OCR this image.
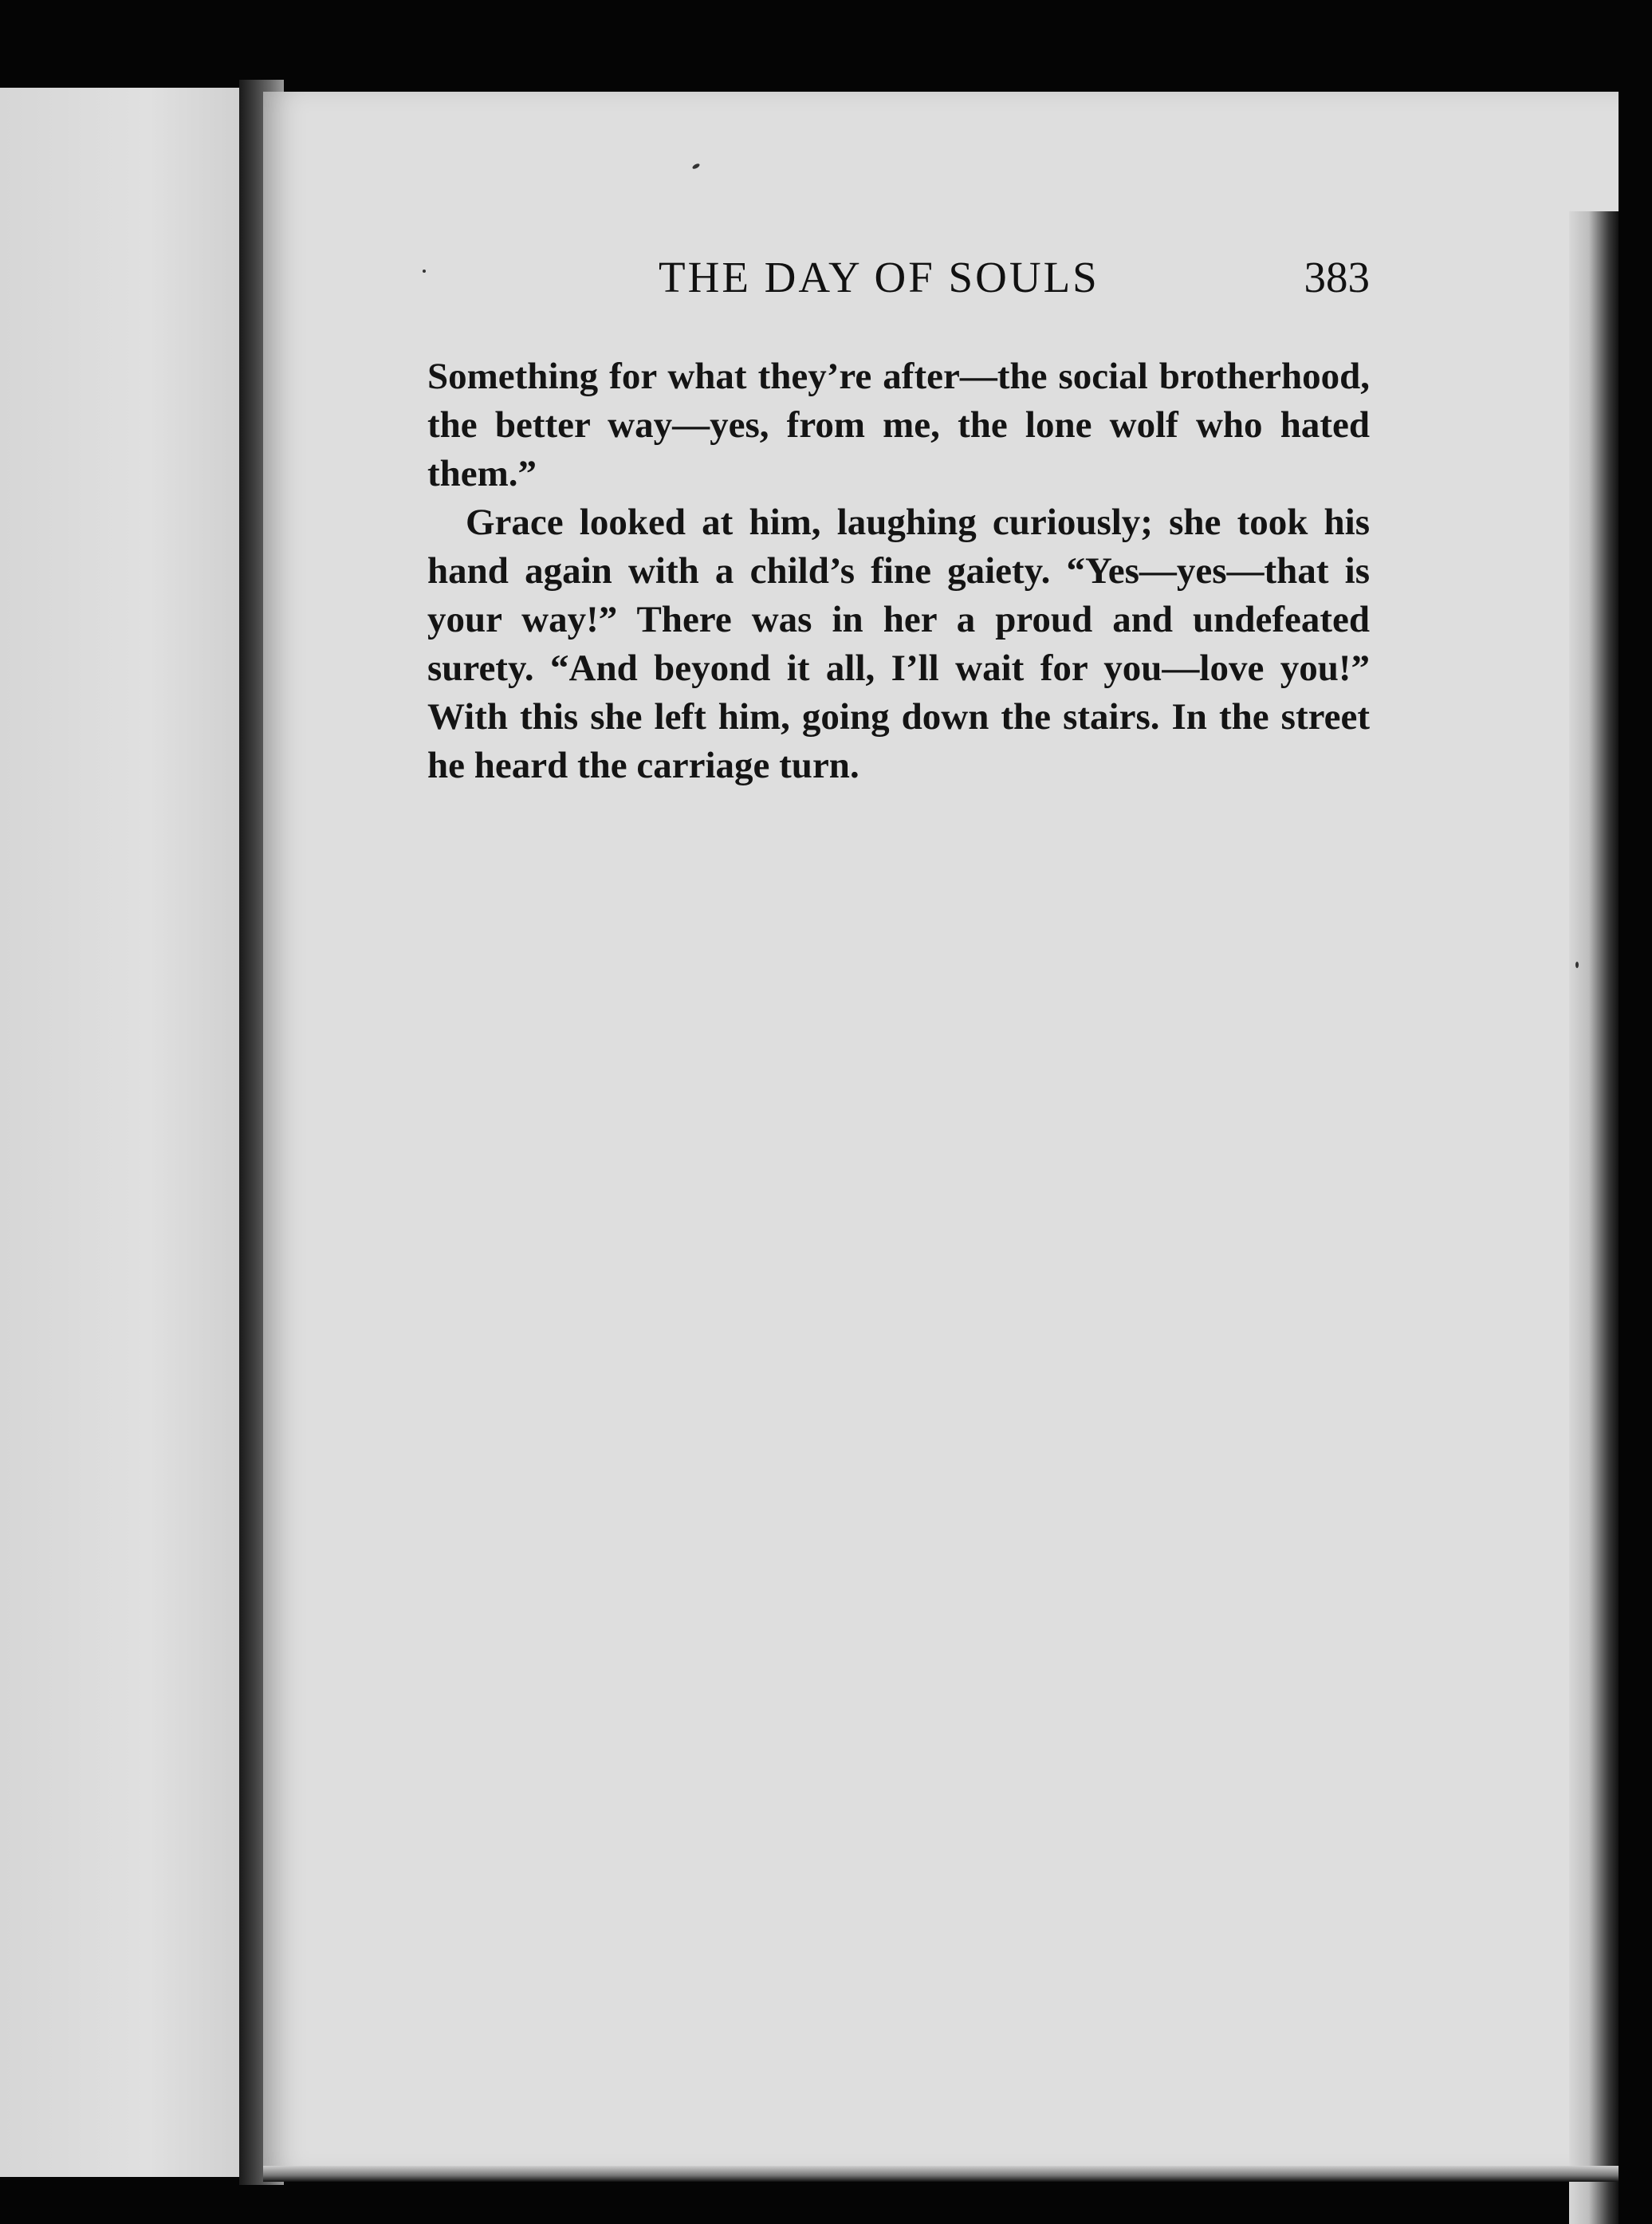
THE DAY OF SOULS	383

Something for what they’re after—the social brotherhood, the better way—yes, from me, the lone wolf who hated them.”

Grace looked at him, laughing curiously; she took his hand again with a child’s fine gaiety. “Yes—yes—that is your way!” There was in her a proud and undefeated surety. “And beyond it all, I’ll wait for you—love you!” With this she left him, going down the stairs. In the street he heard the carriage turn.
